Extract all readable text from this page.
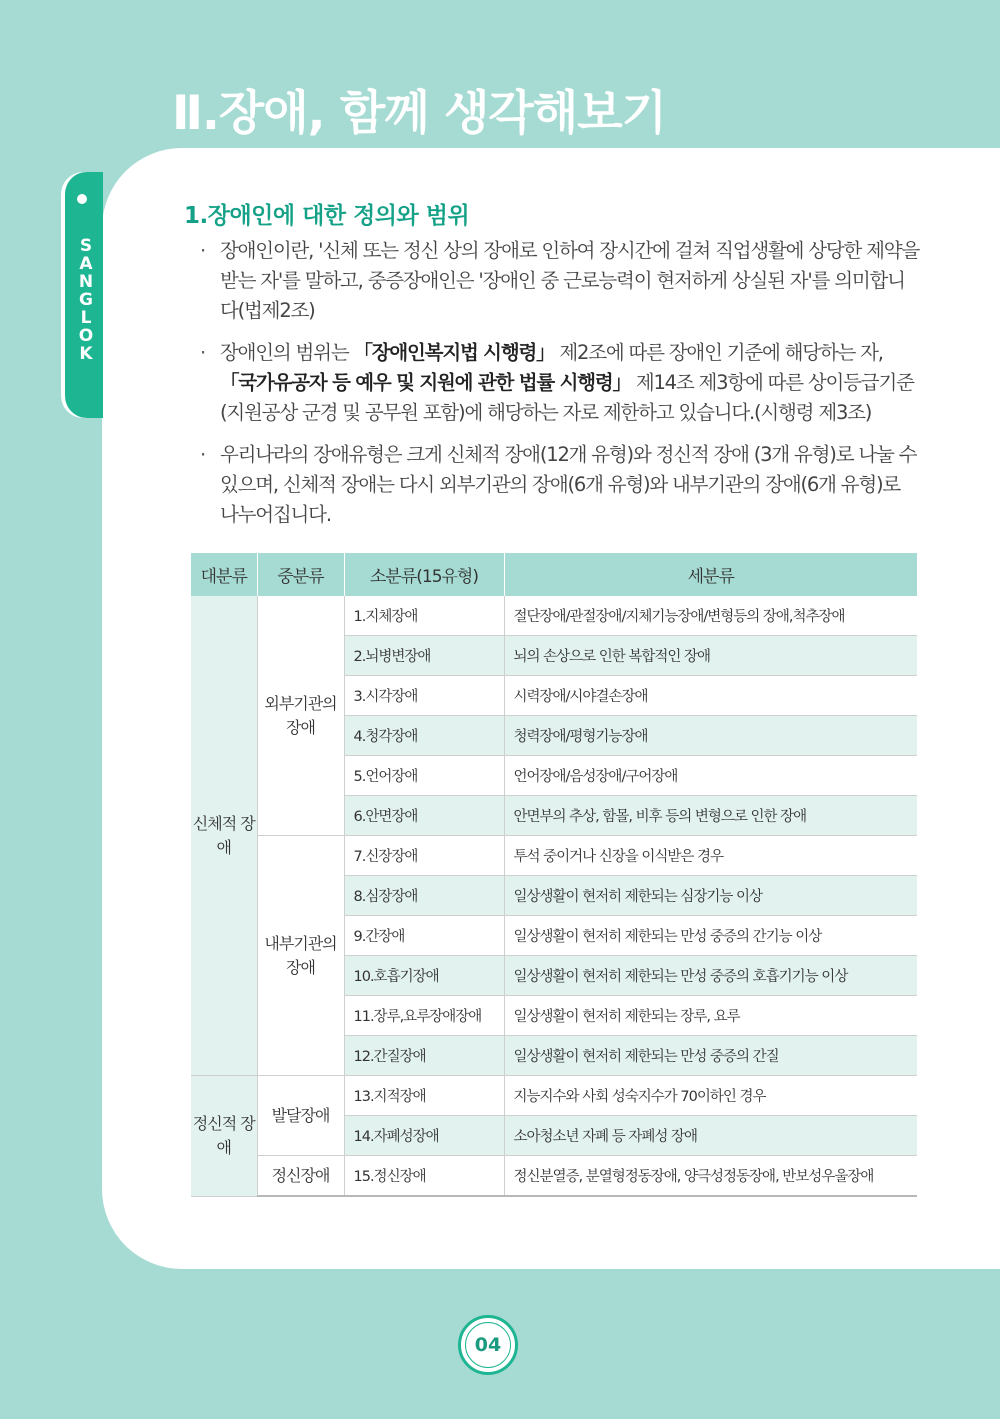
Ⅱ.장애, 함께 생각해보기
S
A
N
G
L
O
K
1.장애인에 대한 정의와 범위
· 장애인이란, '신체 또는 정신 상의 장애로 인하여 장시간에 걸쳐 직업생활에 상당한 제약을 받는 자'를 말하고, 중증장애인은 '장애인 중 근로능력이 현저하게 상실된 자'를 의미합니다(법제2조)
· 장애인의 범위는 「장애인복지법 시행령」 제2조에 따른 장애인 기준에 해당하는 자, 「국가유공자 등 예우 및 지원에 관한 법률 시행령」 제14조 제3항에 따른 상이등급기준(지원공상 군경 및 공무원 포함)에 해당하는 자로 제한하고 있습니다.(시행령 제3조)
· 우리나라의 장애유형은 크게 신체적 장애(12개 유형)와 정신적 장애 (3개 유형)로 나눌 수 있으며, 신체적 장애는 다시 외부기관의 장애(6개 유형)와 내부기관의 장애(6개 유형)로 나누어집니다.
대분류	중분류	소분류(15유형)	세분류
신체적 장애	외부기관의 장애	1.지체장애	절단장애/관절장애/지체기능장애/변형등의 장애,척추장애
		2.뇌병변장애	뇌의 손상으로 인한 복합적인 장애
		3.시각장애	시력장애/시야결손장애
		4.청각장애	청력장애/평형기능장애
		5.언어장애	언어장애/음성장애/구어장애
		6.안면장애	안면부의 추상, 함몰, 비후 등의 변형으로 인한 장애
	내부기관의 장애	7.신장장애	투석 중이거나 신장을 이식받은 경우
		8.심장장애	일상생활이 현저히 제한되는 심장기능 이상
		9.간장애	일상생활이 현저히 제한되는 만성 중증의 간기능 이상
		10.호흡기장애	일상생활이 현저히 제한되는 만성 중증의 호흡기기능 이상
		11.장루,요루장애장애	일상생활이 현저히 제한되는 장루, 요루
		12.간질장애	일상생활이 현저히 제한되는 만성 중증의 간질
정신적 장애	발달장애	13.지적장애	지능지수와 사회 성숙지수가 70이하인 경우
		14.자폐성장애	소아청소년 자폐 등 자폐성 장애
	정신장애	15.정신장애	정신분열증, 분열형정동장애, 양극성정동장애, 반보성우울장애
04
